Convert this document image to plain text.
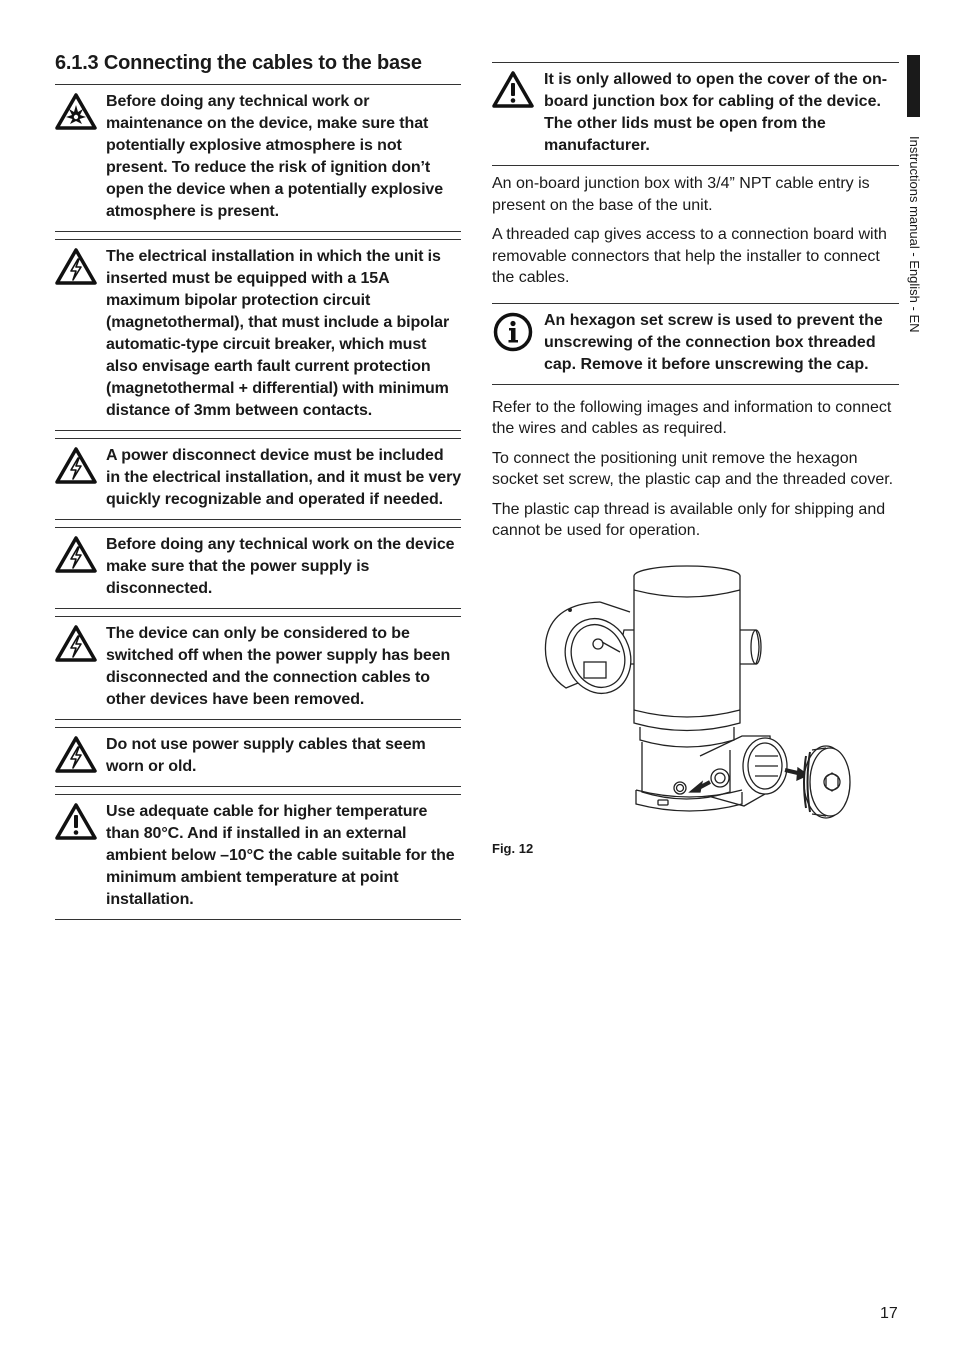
6.1.3 Connecting the cables to the base
Before doing any technical work or maintenance on the device, make sure that potentially explosive atmosphere is not present. To reduce the risk of ignition don’t open the device when a potentially explosive atmosphere is present.
The electrical installation in which the unit is inserted must be equipped with a 15A maximum bipolar protection circuit (magnetothermal), that must include a bipolar automatic-type circuit breaker, which must also envisage earth fault current protection (magnetothermal + differential) with minimum distance of 3mm between contacts.
A power disconnect device must be included in the electrical installation, and it must be very quickly recognizable and operated if needed.
Before doing any technical work on the device make sure that the power supply is disconnected.
The device can only be considered to be switched off when the power supply has been disconnected and the connection cables to other devices have been removed.
Do not use power supply cables that seem worn or old.
Use adequate cable for higher temperature than 80°C. And if installed in an external ambient below –10°C the cable suitable for the minimum ambient temperature at point installation.
It is only allowed to open the cover of the on-board junction box for cabling of the device. The other lids must be open from the manufacturer.

An on-board junction box with 3/4” NPT cable entry is present on the base of the unit.

A threaded cap gives access to a connection board with removable connectors that help the installer to connect the cables.

An hexagon set screw is used to prevent the unscrewing of the connection box threaded cap. Remove it before unscrewing the cap.

Refer to the following images and information to connect the wires and cables as required.

To connect the positioning unit remove the hexagon socket set screw, the plastic cap and the threaded cover.

The plastic cap thread is available only for shipping and cannot be used for operation.

Fig. 12
Instructions manual - English - EN
17
